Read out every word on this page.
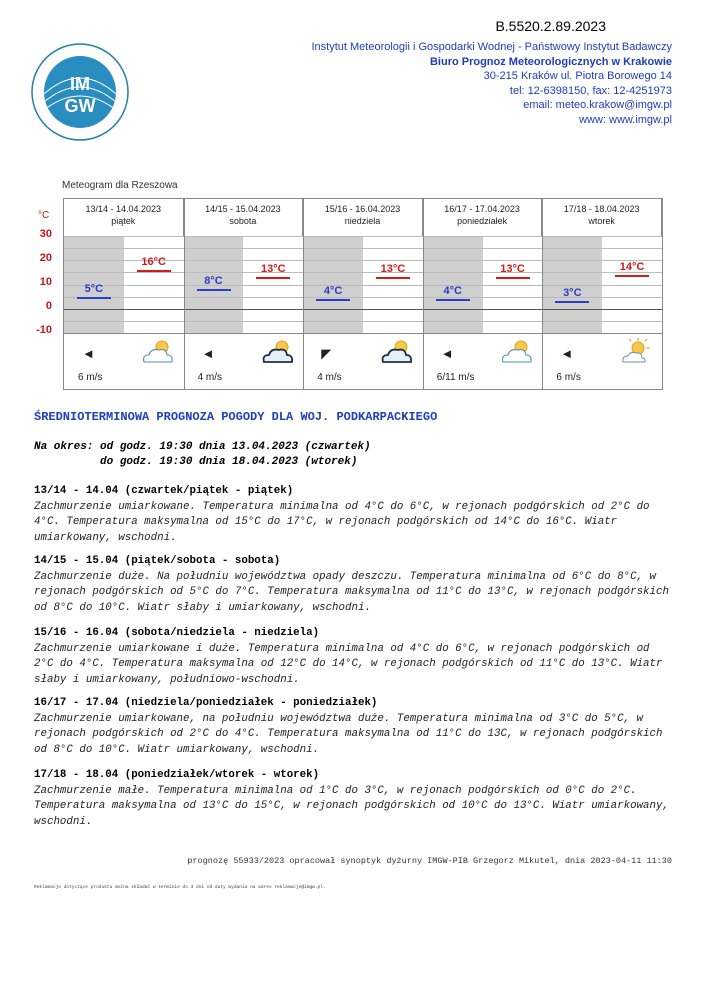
B.5520.2.89.2023
IM
GW
Instytut Meteorologii i Gospodarki Wodnej - Państwowy Instytut Badawczy
Biuro Prognoz Meteorologicznych w Krakowie
30-215 Kraków ul. Piotra Borowego 14
tel: 12-6398150, fax: 12-4251973
email: meteo.krakow@imgw.pl
www: www.imgw.pl
Meteogram dla Rzeszowa
°C
30
20
10
0
-10
5°C
16°C
8°C
13°C
4°C
13°C
4°C
13°C
3°C
14°C
◄
6 m/s
◄
4 m/s
◤
4 m/s
◄
6/11 m/s
◄
6 m/s
13/14 - 14.04.2023
piątek
14/15 - 15.04.2023
sobota
15/16 - 16.04.2023
niedziela
16/17 - 17.04.2023
poniedziałek
17/18 - 18.04.2023
wtorek
ŚREDNIOTERMINOWA PROGNOZA POGODY DLA WOJ. PODKARPACKIEGO
Na okres: od godz. 19:30 dnia 13.04.2023 (czwartek)
do godz. 19:30 dnia 18.04.2023 (wtorek)
13/14 - 14.04 (czwartek/piątek - piątek)
Zachmurzenie umiarkowane. Temperatura minimalna od 4°C do 6°C, w rejonach podgórskich od 2°C do 4°C. Temperatura maksymalna od 15°C do 17°C, w rejonach podgórskich od 14°C do 16°C. Wiatr umiarkowany, wschodni.
14/15 - 15.04 (piątek/sobota - sobota)
Zachmurzenie duże. Na południu województwa opady deszczu. Temperatura minimalna od 6°C do 8°C, w rejonach podgórskich od 5°C do 7°C. Temperatura maksymalna od 11°C do 13°C, w rejonach podgórskich od 8°C do 10°C. Wiatr słaby i umiarkowany, wschodni.
15/16 - 16.04 (sobota/niedziela - niedziela)
Zachmurzenie umiarkowane i duże. Temperatura minimalna od 4°C do 6°C, w rejonach podgórskich od 2°C do 4°C. Temperatura maksymalna od 12°C do 14°C, w rejonach podgórskich od 11°C do 13°C. Wiatr słaby i umiarkowany, południowo-wschodni.
16/17 - 17.04 (niedziela/poniedziałek - poniedziałek)
Zachmurzenie umiarkowane, na południu województwa duże. Temperatura minimalna od 3°C do 5°C, w rejonach podgórskich od 2°C do 4°C. Temperatura maksymalna od 11°C do 13C, w rejonach podgórskich od 8°C do 10°C. Wiatr umiarkowany, wschodni.
17/18 - 18.04 (poniedziałek/wtorek - wtorek)
Zachmurzenie małe. Temperatura minimalna od 1°C do 3°C, w rejonach podgórskich od 0°C do 2°C. Temperatura maksymalna od 13°C do 15°C, w rejonach podgórskich od 10°C do 13°C. Wiatr umiarkowany, wschodni.
prognozę 55933/2023 opracował synoptyk dyżurny IMGW-PIB Grzegorz Mikutel, dnia 2023-04-11 11:30
Reklamacje dotyczące produktu można składać w terminie do 3 dni od daty wydania na adres reklamacje@imgw.pl.
